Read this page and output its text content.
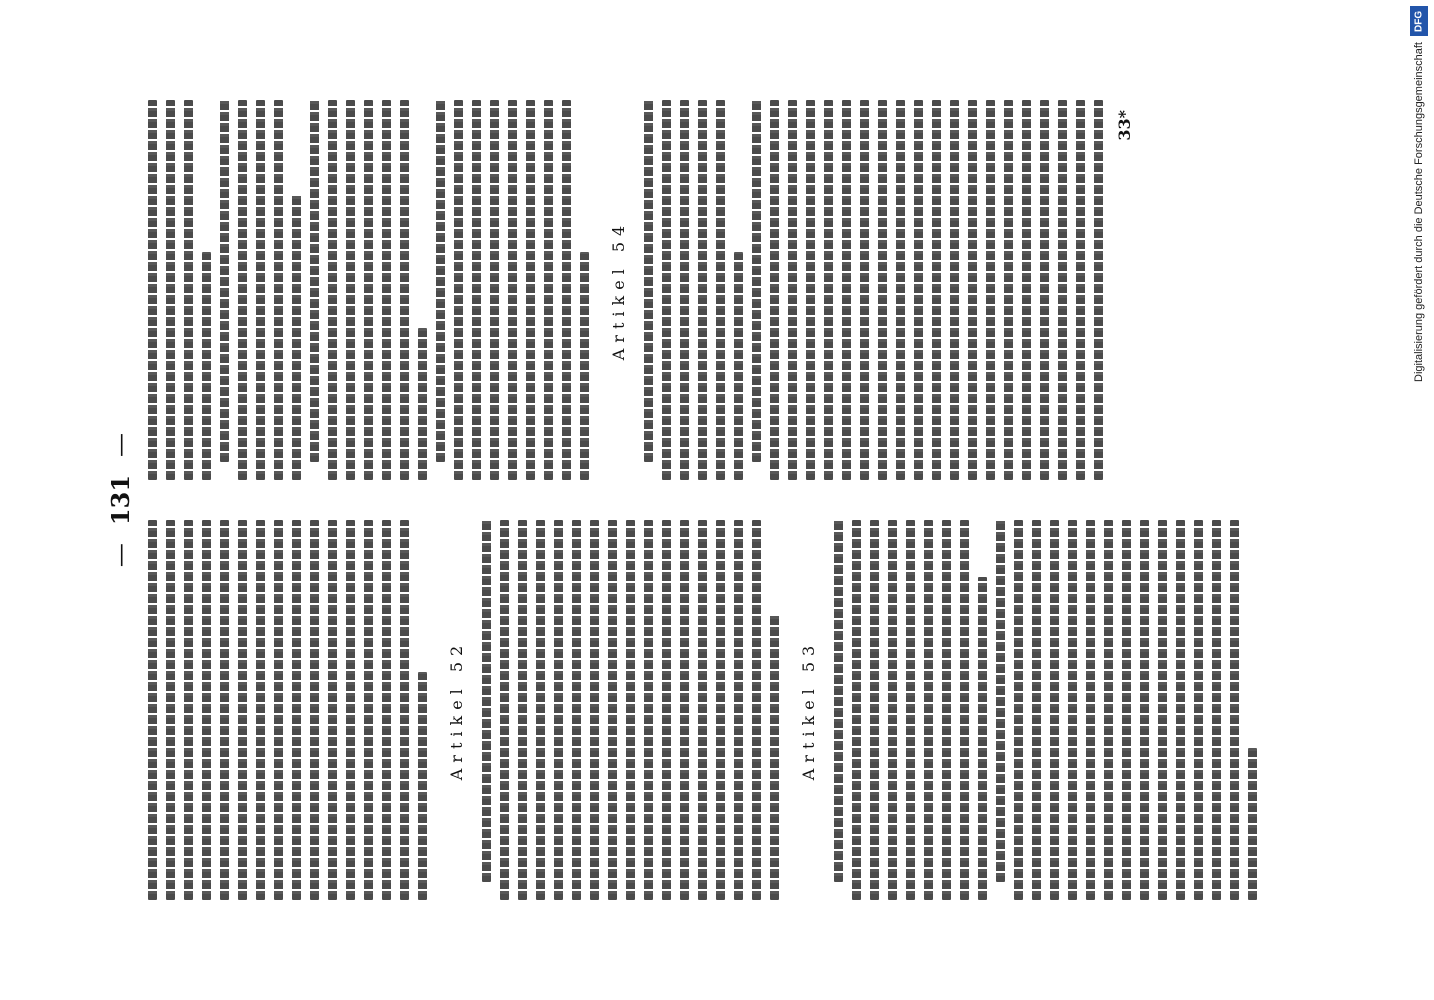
—
131
—
Artikel 52	Artikel 53
Artikel 54
33*
DFG
Digitalisierung gefördert durch die Deutsche Forschungsgemeinschaft
